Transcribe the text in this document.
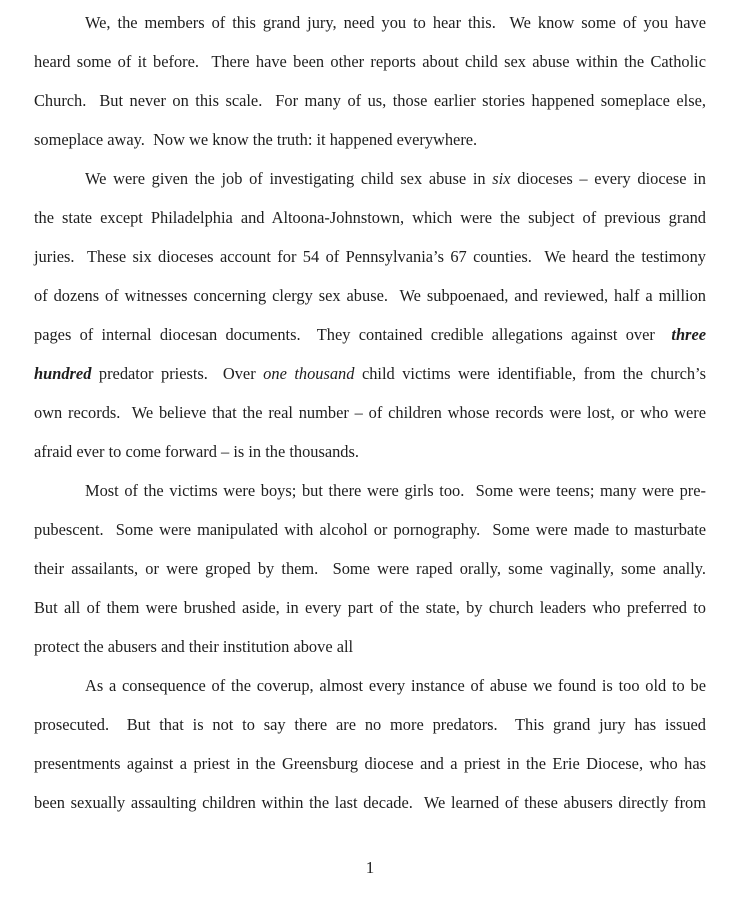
We, the members of this grand jury, need you to hear this.  We know some of you have
heard some of it before.  There have been other reports about child sex abuse within the Catholic
Church.  But never on this scale.  For many of us, those earlier stories happened someplace else,
someplace away.  Now we know the truth: it happened everywhere.
We were given the job of investigating child sex abuse in six dioceses – every diocese in
the state except Philadelphia and Altoona-Johnstown, which were the subject of previous grand
juries.  These six dioceses account for 54 of Pennsylvania’s 67 counties.  We heard the testimony
of dozens of witnesses concerning clergy sex abuse.  We subpoenaed, and reviewed, half a million
pages of internal diocesan documents.  They contained credible allegations against over  three
hundred predator priests.  Over one thousand child victims were identifiable, from the church’s
own records.  We believe that the real number – of children whose records were lost, or who were
afraid ever to come forward – is in the thousands.
Most of the victims were boys; but there were girls too.  Some were teens; many were pre-
pubescent.  Some were manipulated with alcohol or pornography.  Some were made to masturbate
their assailants, or were groped by them.  Some were raped orally, some vaginally, some anally.
But all of them were brushed aside, in every part of the state, by church leaders who preferred to
protect the abusers and their institution above all
As a consequence of the coverup, almost every instance of abuse we found is too old to be
prosecuted.  But that is not to say there are no more predators.  This grand jury has issued
presentments against a priest in the Greensburg diocese and a priest in the Erie Diocese, who has
been sexually assaulting children within the last decade.  We learned of these abusers directly from
1
